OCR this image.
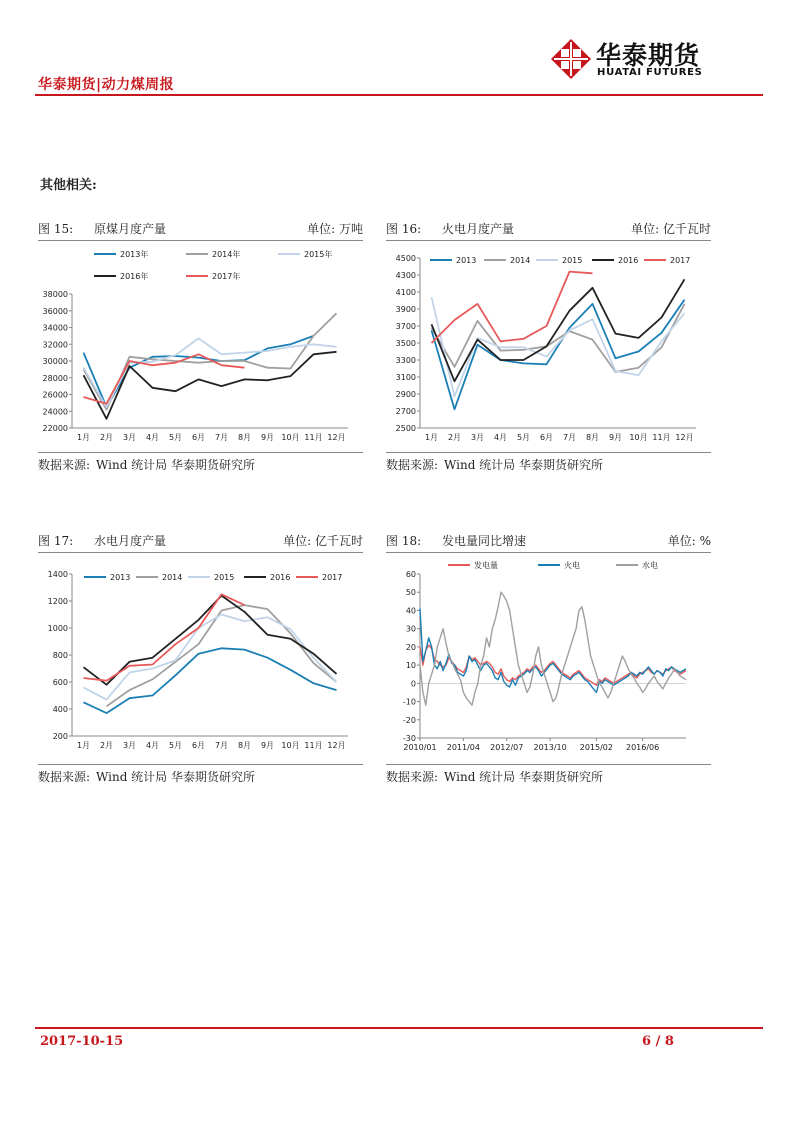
华泰期货
HUATAI FUTURES
华泰期货|动力煤周报
其他相关:
图 15: 原煤月度产量	单位: 万吨
22000
24000
26000
28000
30000
32000
34000
36000
38000
1月 2月 3月 4月 5月 6月 7月 8月 9月 10月 11月 12月
2013年	2014年	2015年
2016年	2017年
数据来源: Wind 统计局 华泰期货研究所
图 16: 火电月度产量	单位: 亿千瓦时
2500
2700
2900
3100
3300
3500
3700
3900
4100
4300
4500
1月 2月 3月 4月 5月 6月 7月 8月 9月 10月 11月 12月
2013	2014	2015	2016	2017
数据来源: Wind 统计局 华泰期货研究所
图 17: 水电月度产量	单位: 亿千瓦时
200
400
600
800
1000
1200
1400
1月 2月 3月 4月 5月 6月 7月 8月 9月 10月 11月 12月
2013	2014	2015	2016	2017
数据来源: Wind 统计局 华泰期货研究所
图 18: 发电量同比增速	单位: %
-30
-20
-10
0
10
20
30
40
50
60
2010/01 2011/04 2012/07 2013/10 2015/02 2016/06
发电量	火电	水电
数据来源: Wind 统计局 华泰期货研究所
2017-10-15	6 / 8
